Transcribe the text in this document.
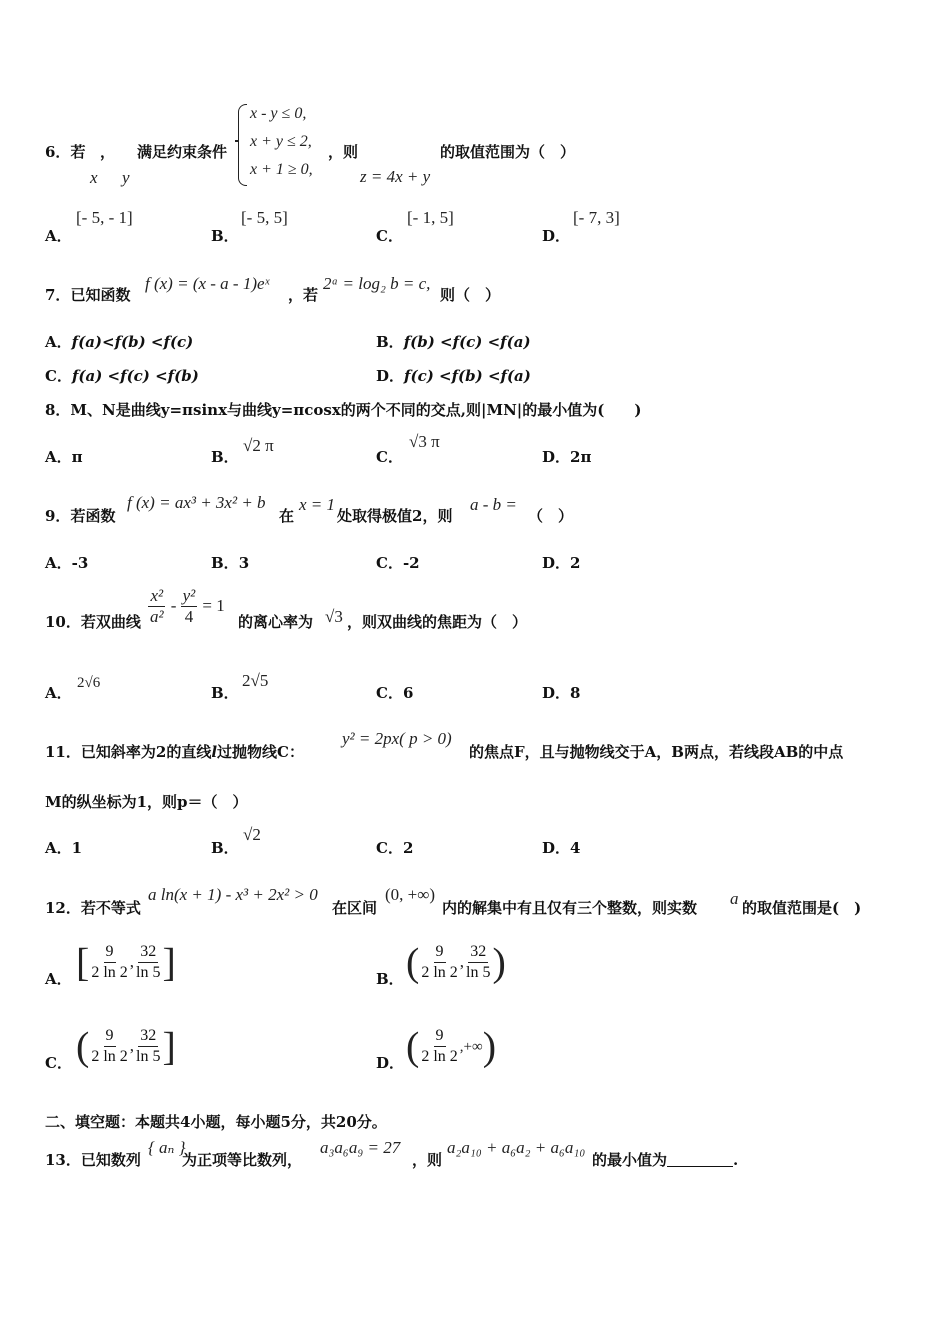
6．若 ， 满足约束条件
x y
x - y ≤ 0,
x + y ≤ 2,
x + 1 ≥ 0,
，则
z = 4x + y
的取值范围为（　）
A．
[- 5, - 1]
B．
[- 5, 5]
C．
[- 1, 5]
D．
[- 7, 3]
7．已知函数
f (x) = (x - a - 1)eˣ
，若
2ᵃ = log₂ b = c,
则（　）
A．f(a)<f(b) <f(c)	B．f(b) <f(c) <f(a)
C．f(a) <f(c) <f(b)	D．f(c) <f(b) <f(a)
8．M、N是曲线y=πsinx与曲线y=πcosx的两个不同的交点,则|MN|的最小值为(　　)
A．π	B．
√2 π
C．
√3 π
D．2π
9．若函数
f (x) = ax³ + 3x² + b
在
x = 1
处取得极值2，则
a - b =
（　）
A．-3	B．3	C．-2	D．2
10．若双曲线 $\frac{\text{x²}}{\text{a²}} - \frac{\text{y²}}{4} = 1$
的离心率为 √3 ，则双曲线的焦距为（　）
A．
2√6
B．
2√5
C．6	D．8
11．已知斜率为2的直线l过抛物线C：
y² = 2px( p > 0)
的焦点F，且与抛物线交于A，B两点，若线段AB的中点
M的纵坐标为1，则p＝（　）
A．1	B．
√2
C．2	D．4
12．若不等式
a ln(x + 1) - x³ + 2x² > 0
在区间
(0, +∞)
内的解集中有且仅有三个整数，则实数 a 的取值范围是(　)
A． [ $\frac{9}{2 \ln 2}$ , $\frac{32}{\ln 5}$ ]	B． ( $\frac{9}{2 \ln 2}$ , $\frac{32}{\ln 5}$ )
C． ( $\frac{9}{2 \ln 2}$ , $\frac{32}{\ln 5}$ ]	D． ( $\frac{9}{2 \ln 2}$ ,+∞)
二、填空题：本题共4小题，每小题5分，共20分。
13．已知数列
{ aₙ }
为正项等比数列，
a₃a₆a₉ = 27
，则
a₂a₁₀ + a₆a₂ + a₆a₁₀
的最小值为	.
